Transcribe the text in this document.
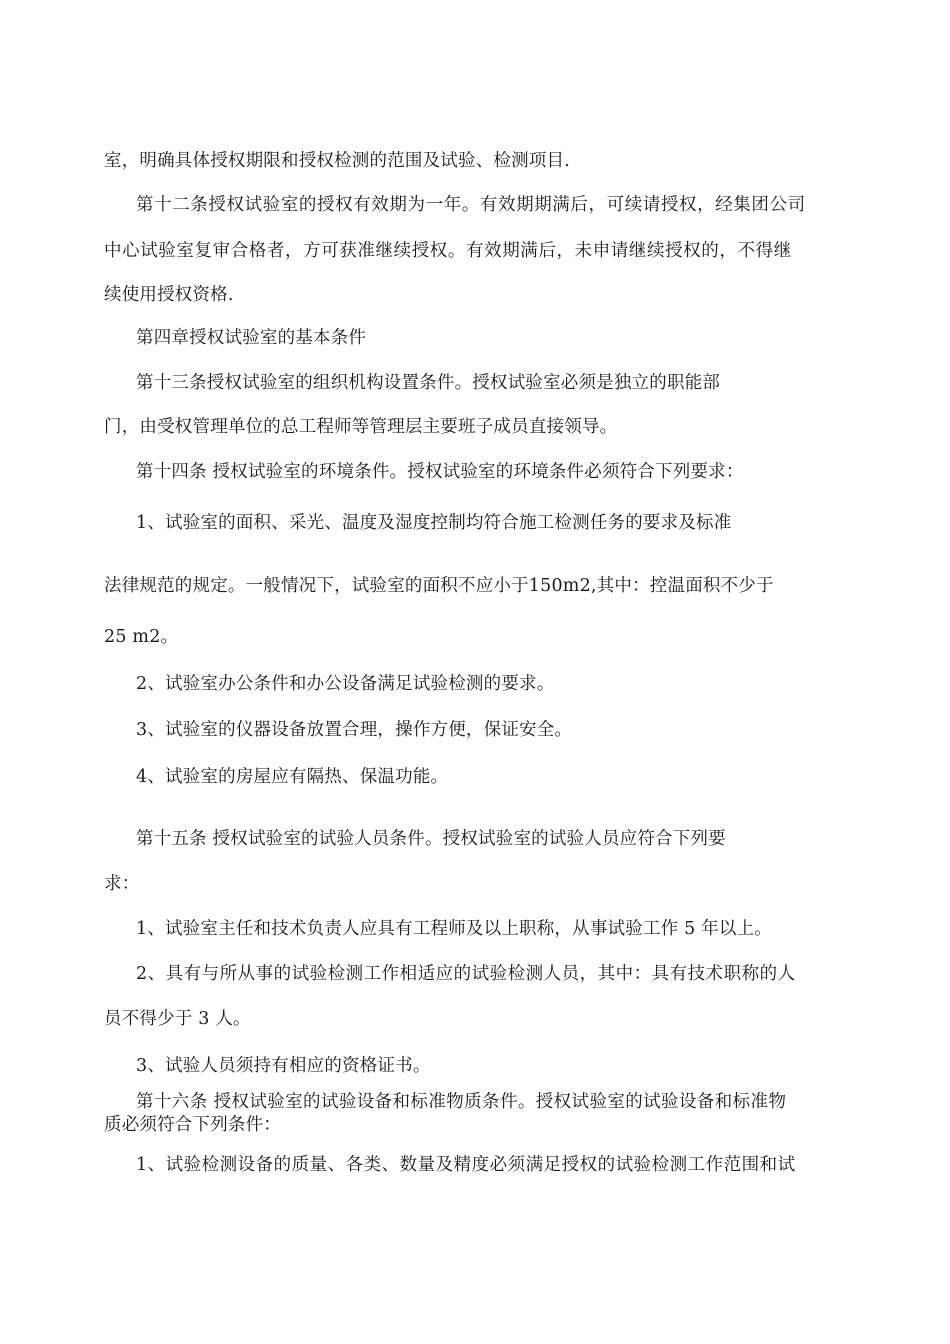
室，明确具体授权期限和授权检测的范围及试验、检测项目.

第十二条授权试验室的授权有效期为一年。有效期期满后，可续请授权，经集团公司

中心试验室复审合格者，方可获准继续授权。有效期满后，未申请继续授权的，不得继

续使用授权资格.

第四章授权试验室的基本条件

第十三条授权试验室的组织机构设置条件。授权试验室必须是独立的职能部

门，由受权管理单位的总工程师等管理层主要班子成员直接领导。

第十四条 授权试验室的环境条件。授权试验室的环境条件必须符合下列要求：

1、试验室的面积、采光、温度及湿度控制均符合施工检测任务的要求及标准

法律规范的规定。一般情况下，试验室的面积不应小于150m2,其中：控温面积不少于

25 m2。

2、试验室办公条件和办公设备满足试验检测的要求。

3、试验室的仪器设备放置合理，操作方便，保证安全。

4、试验室的房屋应有隔热、保温功能。

第十五条 授权试验室的试验人员条件。授权试验室的试验人员应符合下列要

求：

1、试验室主任和技术负责人应具有工程师及以上职称，从事试验工作 5 年以上。

2、具有与所从事的试验检测工作相适应的试验检测人员，其中：具有技术职称的人

员不得少于 3 人。

3、试验人员须持有相应的资格证书。

第十六条 授权试验室的试验设备和标准物质条件。授权试验室的试验设备和标准物

质必须符合下列条件：

1、试验检测设备的质量、各类、数量及精度必须满足授权的试验检测工作范围和试
